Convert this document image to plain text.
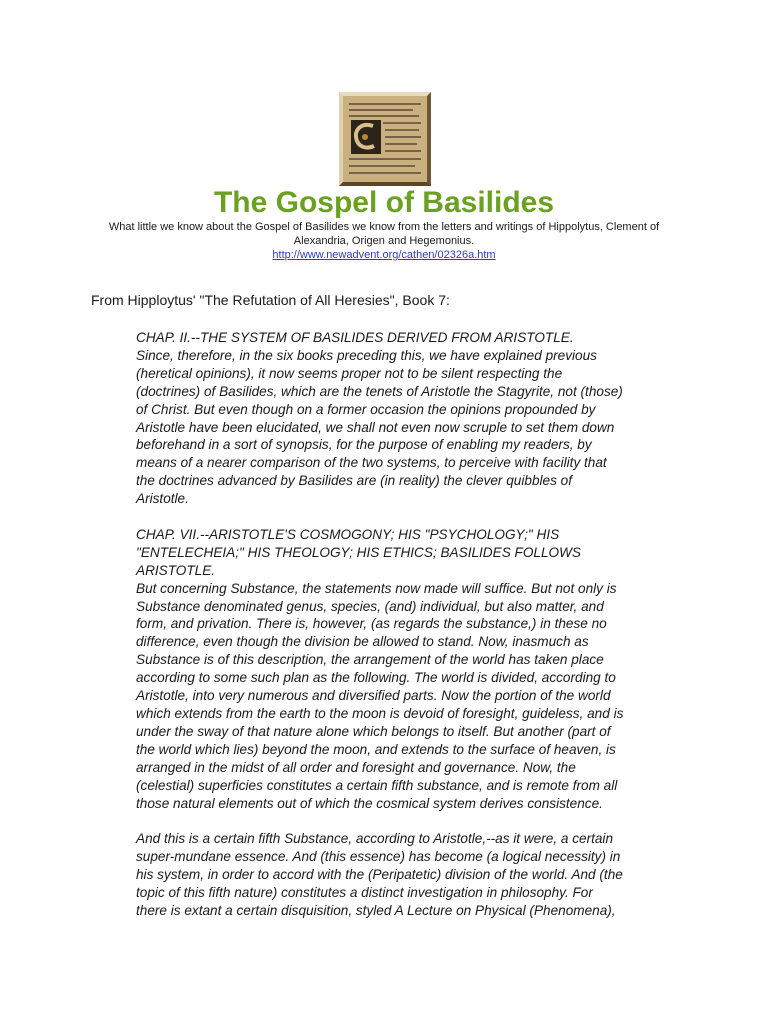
The Gospel of Basilides
What little we know about the Gospel of Basilides we know from the letters and writings of Hippolytus, Clement of Alexandria, Origen and Hegemonius.
http://www.newadvent.org/cathen/02326a.htm
From Hipploytus' "The Refutation of All Heresies", Book 7:

CHAP. II.--THE SYSTEM OF BASILIDES DERIVED FROM ARISTOTLE.
Since, therefore, in the six books preceding this, we have explained previous
(heretical opinions), it now seems proper not to be silent respecting the
(doctrines) of Basilides, which are the tenets of Aristotle the Stagyrite, not (those)
of Christ. But even though on a former occasion the opinions propounded by
Aristotle have been elucidated, we shall not even now scruple to set them down
beforehand in a sort of synopsis, for the purpose of enabling my readers, by
means of a nearer comparison of the two systems, to perceive with facility that
the doctrines advanced by Basilides are (in reality) the clever quibbles of
Aristotle.

CHAP. VII.--ARISTOTLE'S COSMOGONY; HIS "PSYCHOLOGY;" HIS
"ENTELECHEIA;" HIS THEOLOGY; HIS ETHICS; BASILIDES FOLLOWS
ARISTOTLE.
But concerning Substance, the statements now made will suffice. But not only is
Substance denominated genus, species, (and) individual, but also matter, and
form, and privation. There is, however, (as regards the substance,) in these no
difference, even though the division be allowed to stand. Now, inasmuch as
Substance is of this description, the arrangement of the world has taken place
according to some such plan as the following. The world is divided, according to
Aristotle, into very numerous and diversified parts. Now the portion of the world
which extends from the earth to the moon is devoid of foresight, guideless, and is
under the sway of that nature alone which belongs to itself. But another (part of
the world which lies) beyond the moon, and extends to the surface of heaven, is
arranged in the midst of all order and foresight and governance. Now, the
(celestial) superficies constitutes a certain fifth substance, and is remote from all
those natural elements out of which the cosmical system derives consistence.

And this is a certain fifth Substance, according to Aristotle,--as it were, a certain
super-mundane essence. And (this essence) has become (a logical necessity) in
his system, in order to accord with the (Peripatetic) division of the world. And (the
topic of this fifth nature) constitutes a distinct investigation in philosophy. For
there is extant a certain disquisition, styled A Lecture on Physical (Phenomena),
